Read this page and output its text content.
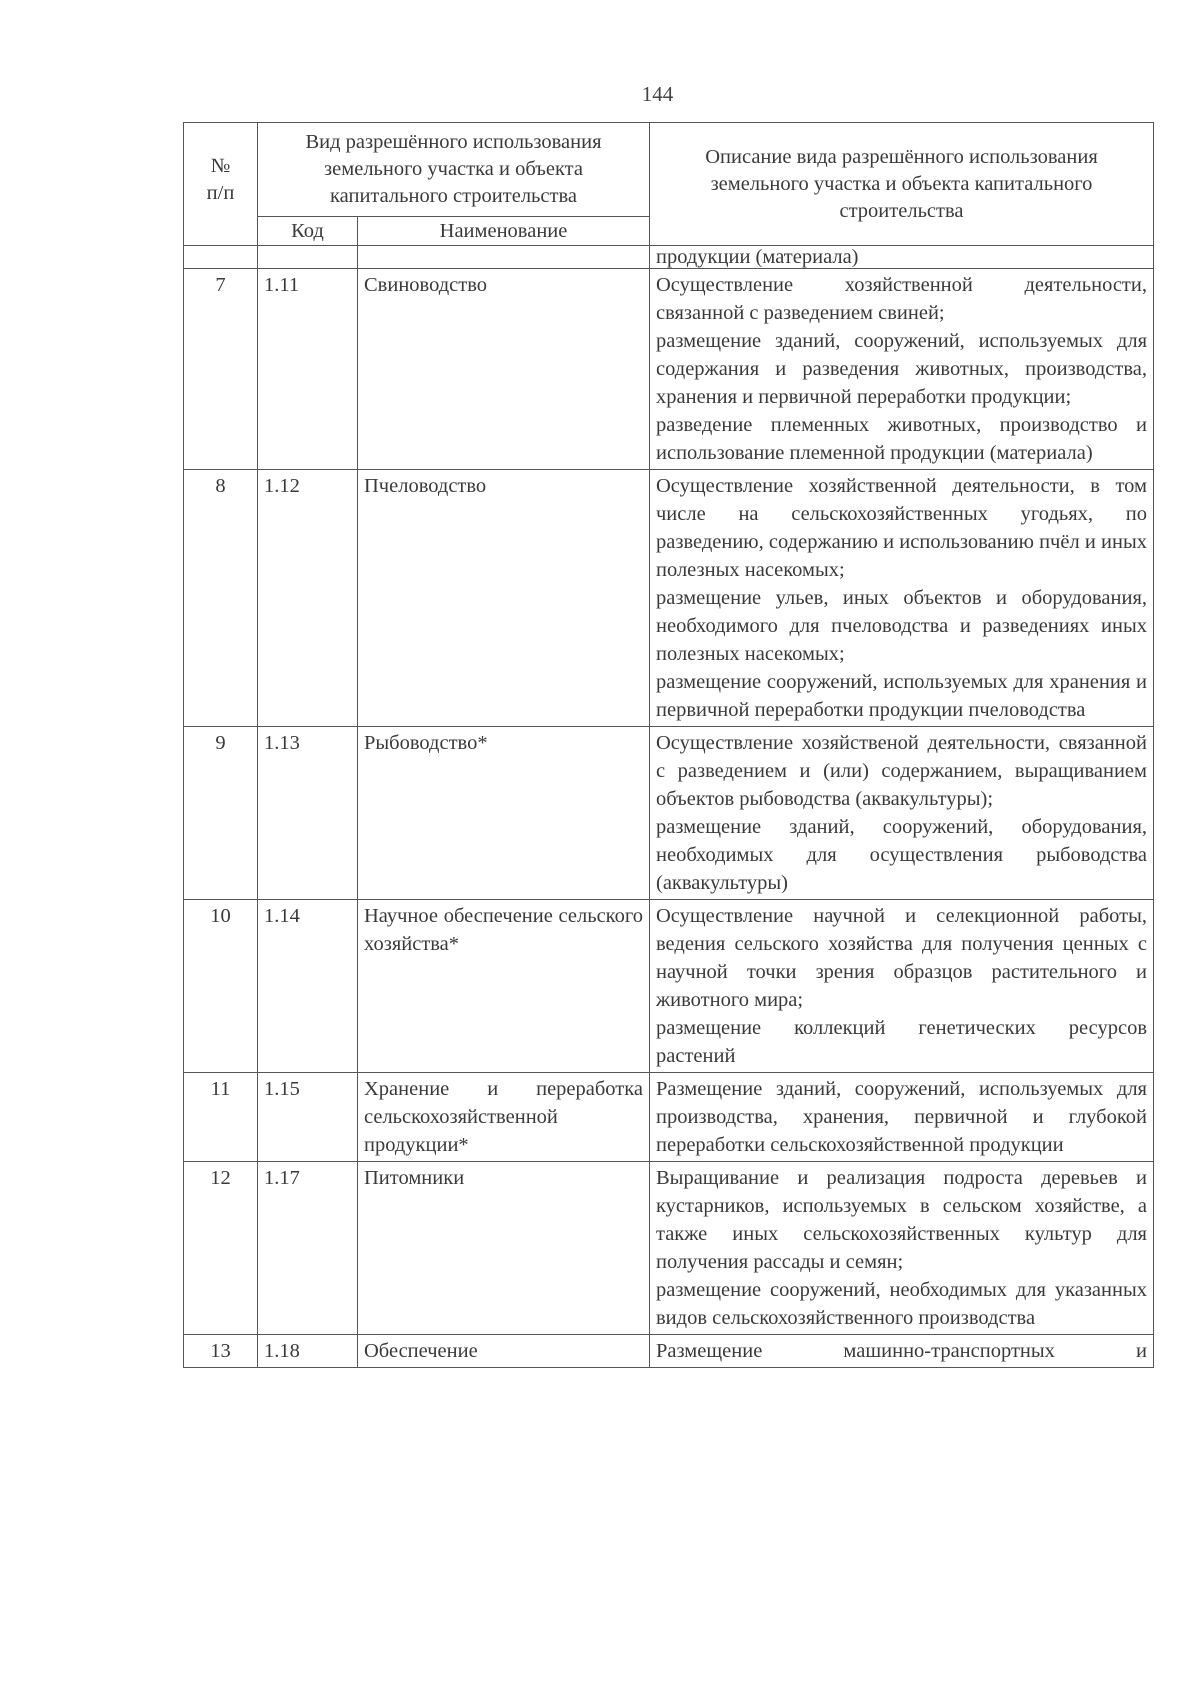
144
№
п/п	Вид разрешённого использования земельного участка и объекта капитального строительства		Описание вида разрешённого использования земельного участка и объекта капитального строительства
	Код	Наименование	

			продукции (материала)

7	1.11	Свиноводство	Осуществление хозяйственной деятельности, связанной с разведением свиней;

размещение зданий, сооружений, используемых для содержания и разведения животных, производства, хранения и первичной переработки продукции;

разведение племенных животных, производство и использование племенной продукции (материала)

8	1.12	Пчеловодство	Осуществление хозяйственной деятельности, в том числе на сельскохозяйственных угодьях, по разведению, содержанию и использованию пчёл и иных полезных насекомых;

размещение ульев, иных объектов и оборудования, необходимого для пчеловодства и разведениях иных полезных насекомых;

размещение сооружений, используемых для хранения и первичной переработки продукции пчеловодства

9	1.13	Рыбоводство*	Осуществление хозяйственой деятельности, связанной с разведением и (или) содержанием, выращиванием объектов рыбоводства (аквакультуры);

размещение зданий, сооружений, оборудования, необходимых для осуществления рыбоводства (аквакультуры)

10	1.14	Научное обеспечение сельского хозяйства*	Осуществление научной и селекционной работы, ведения сельского хозяйства для получения ценных с научной точки зрения образцов растительного и животного мира;

размещение коллекций генетических ресурсов растений

11	1.15	Хранение и переработка сельскохозяйственной продукции*	Размещение зданий, сооружений, используемых для производства, хранения, первичной и глубокой переработки сельскохозяйственной продукции

12	1.17	Питомники	Выращивание и реализация подроста деревьев и кустарников, используемых в сельском хозяйстве, а также иных сельскохозяйственных культур для получения рассады и семян;

размещение сооружений, необходимых для указанных видов сельскохозяйственного производства

13	1.18	Обеспечение	Размещение машинно-транспортных и
